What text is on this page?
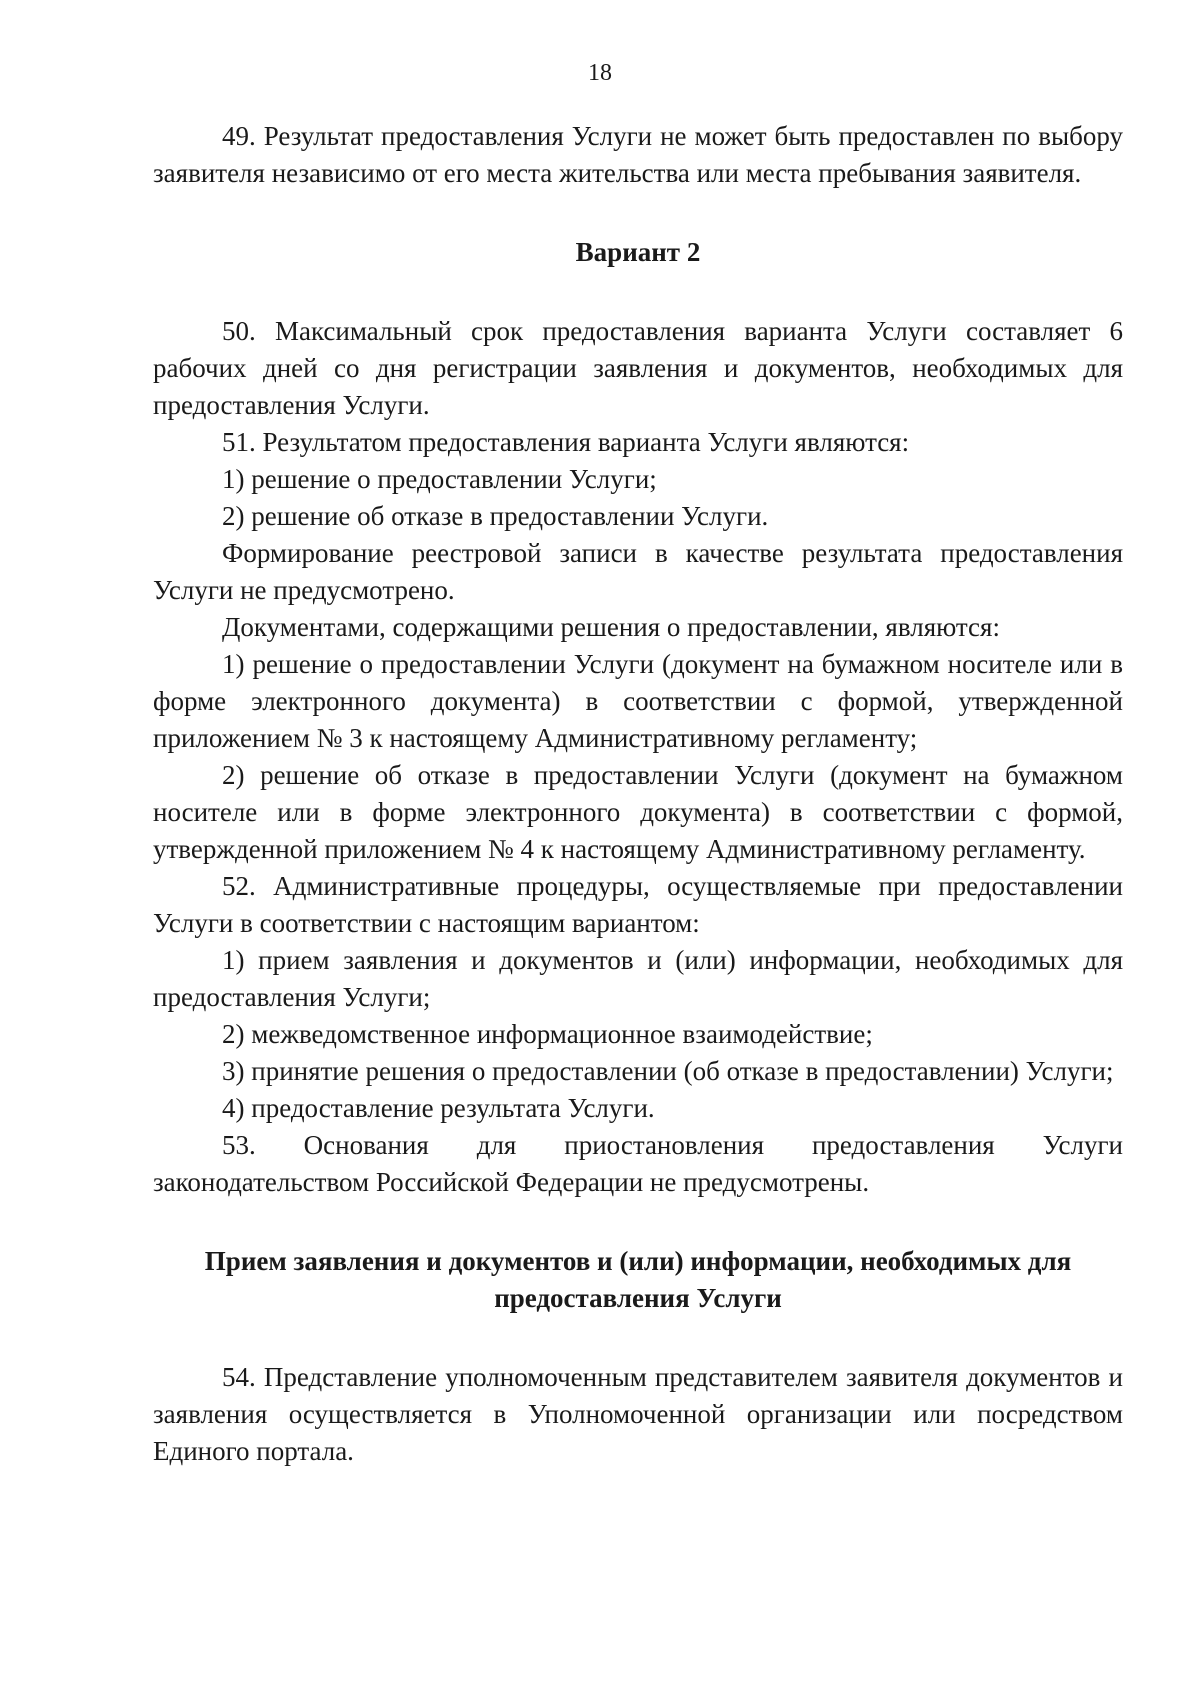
18

49. Результат предоставления Услуги не может быть предоставлен по выбору заявителя независимо от его места жительства или места пребывания заявителя.

Вариант 2

50. Максимальный срок предоставления варианта Услуги составляет 6 рабочих дней со дня регистрации заявления и документов, необходимых для предоставления Услуги.

51. Результатом предоставления варианта Услуги являются:

1) решение о предоставлении Услуги;

2) решение об отказе в предоставлении Услуги.

Формирование реестровой записи в качестве результата предоставления Услуги не предусмотрено.

Документами, содержащими решения о предоставлении, являются:

1) решение о предоставлении Услуги (документ на бумажном носителе или в форме электронного документа) в соответствии с формой, утвержденной приложением № 3 к настоящему Административному регламенту;

2) решение об отказе в предоставлении Услуги (документ на бумажном носителе или в форме электронного документа) в соответствии с формой, утвержденной приложением № 4 к настоящему Административному регламенту.

52. Административные процедуры, осуществляемые при предоставлении Услуги в соответствии с настоящим вариантом:

1) прием заявления и документов и (или) информации, необходимых для предоставления Услуги;

2) межведомственное информационное взаимодействие;

3) принятие решения о предоставлении (об отказе в предоставлении) Услуги;

4) предоставление результата Услуги.

53. Основания для приостановления предоставления Услуги законодательством Российской Федерации не предусмотрены.

Прием заявления и документов и (или) информации, необходимых для предоставления Услуги

54. Представление уполномоченным представителем заявителя документов и заявления осуществляется в Уполномоченной организации или посредством Единого портала.
